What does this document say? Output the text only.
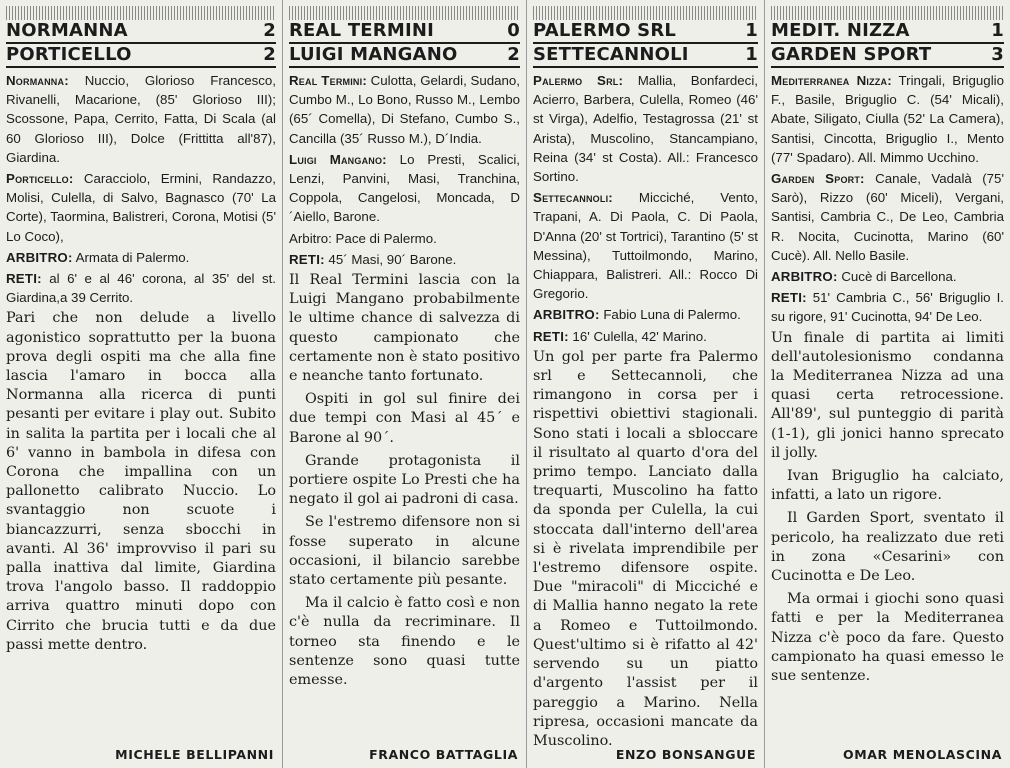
NORMANNA	2
PORTICELLO	2

Normanna: Nuccio, Glorioso Francesco, Rivanelli, Macarione, (85' Glorioso III); Scossone, Papa, Cerrito, Fatta, Di Scala (al 60 Glorioso III), Dolce (Frittitta all'87), Giardina.

Porticello: Caracciolo, Ermini, Randazzo, Molisi, Culella, di Salvo, Bagnasco (70' La Corte), Taormina, Balistreri, Corona, Motisi (5' Lo Coco),

ARBITRO: Armata di Palermo.

RETI: al 6' e al 46' corona, al 35' del st. Giardina,a 39 Cerrito.

Pari che non delude a livello agonistico soprattutto per la buona prova degli ospiti ma che alla fine lascia l'amaro in bocca alla Normanna alla ricerca di punti pesanti per evitare i play out. Subito in salita la partita per i locali che al 6' vanno in bambola in difesa con Corona che impallina con un pallonetto calibrato Nuccio. Lo svantaggio non scuote i biancazzurri, senza sbocchi in avanti. Al 36' improvviso il pari su palla inattiva dal limite, Giardina trova l'angolo basso. Il raddoppio arriva quattro minuti dopo con Cirrito che brucia tutti e da due passi mette dentro.

MICHELE BELLIPANNI
REAL TERMINI	0
LUIGI MANGANO	2

Real Termini: Culotta, Gelardi, Sudano, Cumbo M., Lo Bono, Russo M., Lembo (65´ Comella), Di Stefano, Cumbo S., Cancilla (35´ Russo M.), D´India.

Luigi Mangano: Lo Presti, Scalici, Lenzi, Panvini, Masi, Tranchina, Coppola, Cangelosi, Moncada, D´Aiello, Barone.

Arbitro: Pace di Palermo.

RETI: 45´ Masi, 90´ Barone.

Il Real Termini lascia con la Luigi Mangano probabilmente le ultime chance di salvezza di questo campionato che certamente non è stato positivo e neanche tanto fortunato.

Ospiti in gol sul finire dei due tempi con Masi al 45´ e Barone al 90´.

Grande protagonista il portiere ospite Lo Presti che ha negato il gol ai padroni di casa.

Se l'estremo difensore non si fosse superato in alcune occasioni, il bilancio sarebbe stato certamente più pesante.

Ma il calcio è fatto così e non c'è nulla da recriminare. Il torneo sta finendo e le sentenze sono quasi tutte emesse.

FRANCO BATTAGLIA
PALERMO SRL	1
SETTECANNOLI	1

Palermo Srl: Mallia, Bonfardeci, Acierro, Barbera, Culella, Romeo (46' st Virga), Adelfio, Testagrossa (21' st Arista), Muscolino, Stancampiano, Reina (34' st Costa). All.: Francesco Sortino.

Settecannoli: Micciché, Vento, Trapani, A. Di Paola, C. Di Paola, D'Anna (20' st Tortrici), Tarantino (5' st Messina), Tuttoilmondo, Marino, Chiappara, Balistreri. All.: Rocco Di Gregorio.

ARBITRO: Fabio Luna di Palermo.

RETI: 16' Culella, 42' Marino.

Un gol per parte fra Palermo srl e Settecannoli, che rimangono in corsa per i rispettivi obiettivi stagionali. Sono stati i locali a sbloccare il risultato al quarto d'ora del primo tempo. Lanciato dalla trequarti, Muscolino ha fatto da sponda per Culella, la cui stoccata dall'interno dell'area si è rivelata imprendibile per l'estremo difensore ospite. Due "miracoli" di Micciché e di Mallia hanno negato la rete a Romeo e Tuttoilmondo. Quest'ultimo si è rifatto al 42' servendo su un piatto d'argento l'assist per il pareggio a Marino. Nella ripresa, occasioni mancate da Muscolino.

ENZO BONSANGUE
MEDIT. NIZZA	1
GARDEN SPORT	3

Mediterranea Nizza: Tringali, Briguglio F., Basile, Briguglio C. (54' Micali), Abate, Siligato, Ciulla (52' La Camera), Santisi, Cincotta, Briguglio I., Mento (77' Spadaro). All. Mimmo Ucchino.

Garden Sport: Canale, Vadalà (75' Sarò), Rizzo (60' Miceli), Vergani, Santisi, Cambria C., De Leo, Cambria R. Nocita, Cucinotta, Marino (60' Cucè). All. Nello Basile.

ARBITRO: Cucè di Barcellona.

RETI: 51' Cambria C., 56' Briguglio I. su rigore, 91' Cucinotta, 94' De Leo.

Un finale di partita ai limiti dell'autolesionismo condanna la Mediterranea Nizza ad una quasi certa retrocessione. All'89', sul punteggio di parità (1-1), gli jonici hanno sprecato il jolly.

Ivan Briguglio ha calciato, infatti, a lato un rigore.

Il Garden Sport, sventato il pericolo, ha realizzato due reti in zona «Cesarini» con Cucinotta e De Leo.

Ma ormai i giochi sono quasi fatti e per la Mediterranea Nizza c'è poco da fare. Questo campionato ha quasi emesso le sue sentenze.

OMAR MENOLASCINA
